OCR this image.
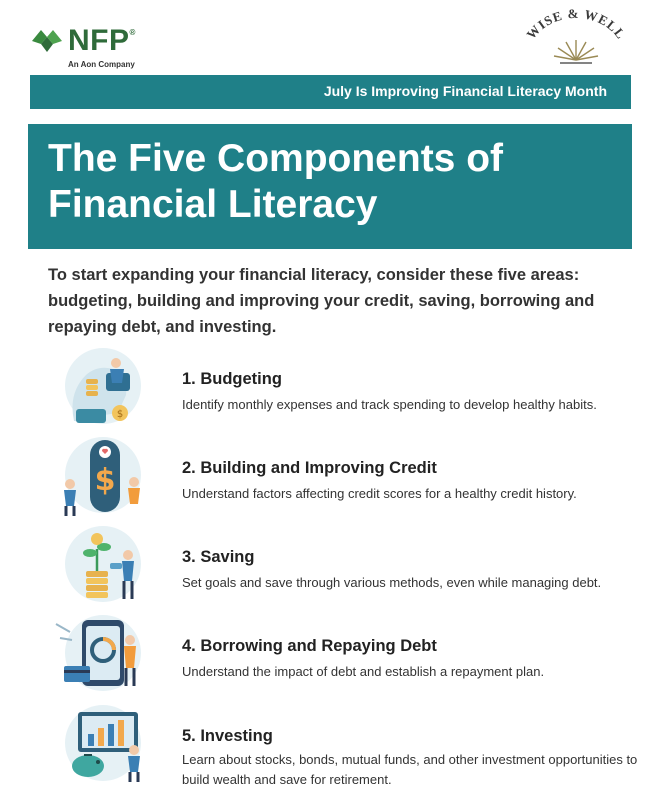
NFP®
An Aon Company
WISE & WELL
July Is Improving Financial Literacy Month
The Five Components of
Financial Literacy
To start expanding your financial literacy, consider these five areas: budgeting, building and improving your credit, saving, borrowing and repaying debt, and investing.
$
1. Budgeting
Identify monthly expenses and track spending to develop healthy habits.
$	2. Building and Improving Credit
Understand factors affecting credit scores for a healthy credit history.
3. Saving
Set goals and save through various methods, even while managing debt.
4. Borrowing and Repaying Debt
Understand the impact of debt and establish a repayment plan.
5. Investing
Learn about stocks, bonds, mutual funds, and other investment opportunities to build wealth and save for retirement.
